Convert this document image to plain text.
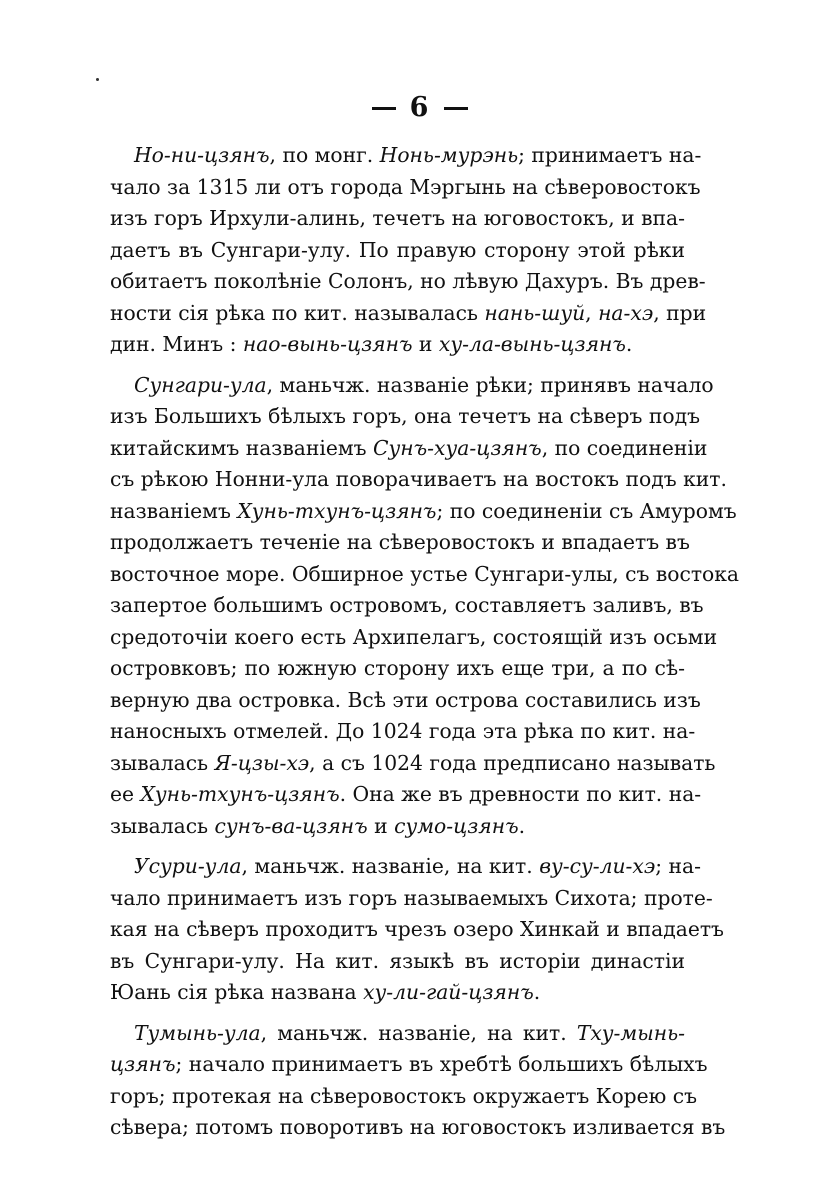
6
Но-ни-цзянъ, по монг. Нонь-мурэнь; принимаетъ на-
чало за 1315 ли отъ города Мэргынь на сѣверовостокъ
изъ горъ Ирхули-алинь, течетъ на юговостокъ, и впа-
даетъ въ Сунгари-улу. По правую сторону этой рѣки
обитаетъ поколѣніе Солонъ, но лѣвую Дахуръ. Въ древ-
ности сія рѣка по кит. называлась нань-шуй, на-хэ, при
дин. Минъ : нао-вынь-цзянъ и ху-ла-вынь-цзянъ.
Сунгари-ула, маньчж. названіе рѣки; принявъ начало
изъ Большихъ бѣлыхъ горъ, она течетъ на сѣверъ подъ
китайскимъ названіемъ Сунъ-хуа-цзянъ, по соединеніи
съ рѣкою Нонни-ула поворачиваетъ на востокъ подъ кит.
названіемъ Хунь-тхунъ-цзянъ; по соединеніи съ Амуромъ
продолжаетъ теченіе на сѣверовостокъ и впадаетъ въ
восточное море. Обширное устье Сунгари-улы, съ востока
запертое большимъ островомъ, составляетъ заливъ, въ
средоточіи коего есть Архипелагъ, состоящій изъ осьми
островковъ; по южную сторону ихъ еще три, а по сѣ-
верную два островка. Всѣ эти острова составились изъ
наносныхъ отмелей. До 1024 года эта рѣка по кит. на-
зывалась Я-цзы-хэ, а съ 1024 года предписано называть
ее Хунь-тхунъ-цзянъ. Она же въ древности по кит. на-
зывалась сунъ-ва-цзянъ и сумо-цзянъ.
Усури-ула, маньчж. названіе, на кит. ву-су-ли-хэ; на-
чало принимаетъ изъ горъ называемыхъ Сихота; проте-
кая на сѣверъ проходитъ чрезъ озеро Хинкай и впадаетъ
въ Сунгари-улу. На кит. языкѣ въ исторіи династіи
Юань сія рѣка названа ху-ли-гай-цзянъ.
Тумынь-ула, маньчж. названіе, на кит. Тху-мынь-
цзянъ; начало принимаетъ въ хребтѣ большихъ бѣлыхъ
горъ; протекая на сѣверовостокъ окружаетъ Корею съ
сѣвера; потомъ поворотивъ на юговостокъ изливается въ
